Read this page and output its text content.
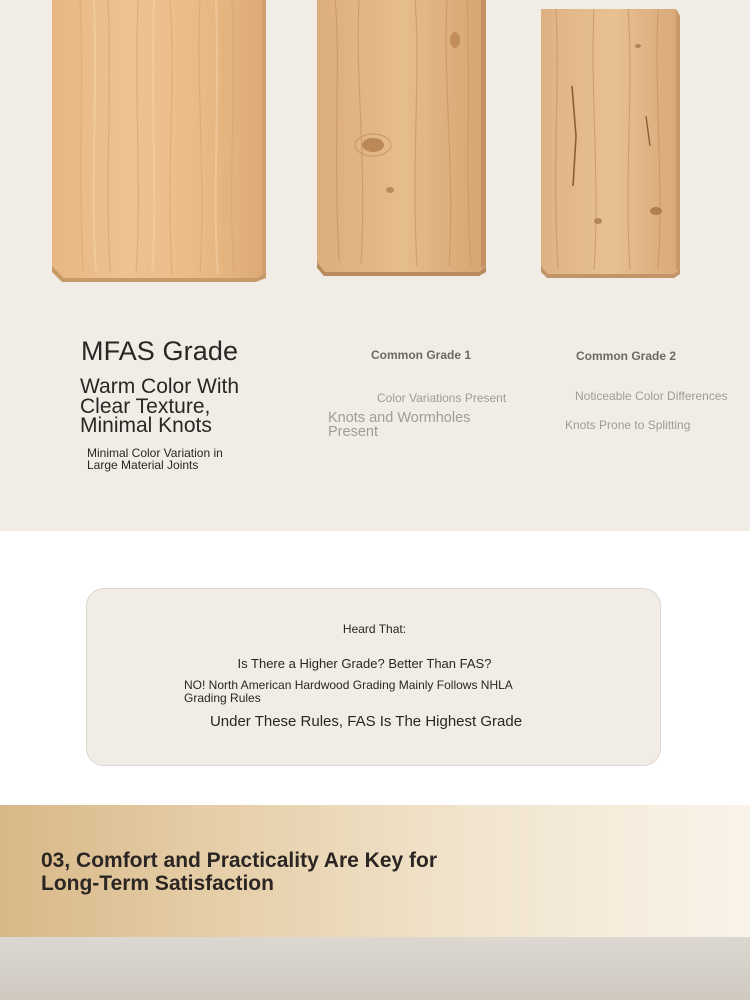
MFAS Grade

Warm Color With Clear Texture, Minimal Knots

Minimal Color Variation in Large Material Joints

Common Grade 1

Color Variations Present

Knots and Wormholes Present

Common Grade 2

Noticeable Color Differences

Knots Prone to Splitting

Heard That:

Is There a Higher Grade? Better Than FAS?

NO! North American Hardwood Grading Mainly Follows NHLA Grading Rules

Under These Rules, FAS Is The Highest Grade

03, Comfort and Practicality Are Key for Long-Term Satisfaction
